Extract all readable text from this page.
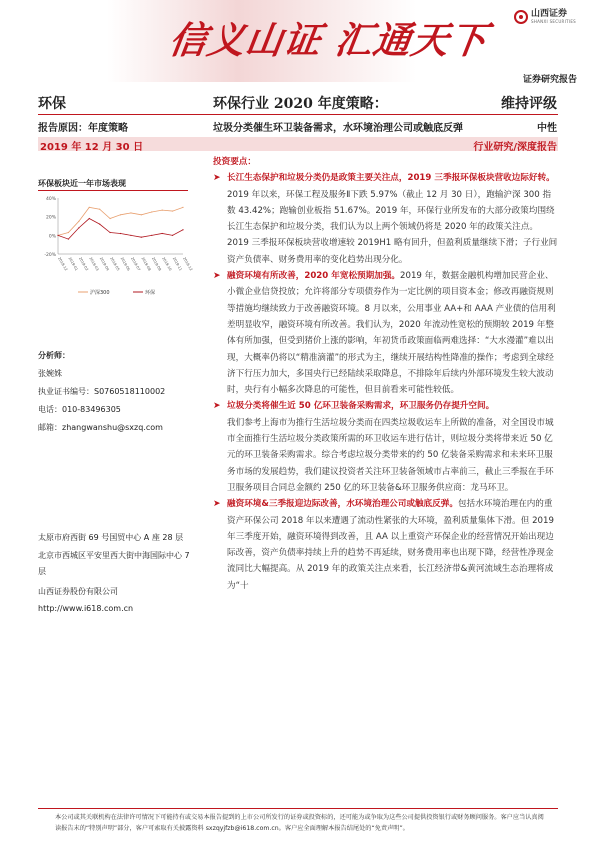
信义山证 汇通天下
山西证券
SHANXI SECURITIES
证券研究报告
环保	环保行业 2020 年度策略：	维持评级
报告原因：年度策略	垃圾分类催生环卫装备需求，水环境治理公司或触底反弹	中性
2019 年 12 月 30 日	行业研究/深度报告
环保板块近一年市场表现
-20%
0%
20%
40%
2018-12 2019-01 2019-02 2019-03 2019-04 2019-05 2019-06 2019-07 2019-08 2019-09 2019-10 2019-11 2019-12
沪深300	环保
分析师：
张婉姝
执业证书编号：S0760518110002
电话：010-83496305
邮箱：zhangwanshu@sxzq.com
太原市府西街 69 号国贸中心 A 座 28 层
北京市西城区平安里西大街中海国际中心 7 层
山西证券股份有限公司
http://www.i618.com.cn
投资要点：
➤ 长江生态保护和垃圾分类仍是政策主要关注点，2019 三季报环保板块营收边际好转。2019 年以来，环保工程及服务Ⅱ下跌 5.97%（截止 12 月 30 日），跑输沪深 300 指数 43.42%；跑输创业板指 51.67%。2019 年，环保行业所发布的大部分政策均围绕长江生态保护和垃圾分类，我们认为以上两个领域仍将是 2020 年的政策关注点。2019 三季报环保板块营收增速较 2019H1 略有回升，但盈利质量继续下滑；子行业间资产负债率、财务费用率的变化趋势出现分化。
➤ 融资环境有所改善，2020 年宽松预期加强。2019 年，数据金融机构增加民营企业、小微企业信贷投放；允许将部分专项债券作为一定比例的项目资本金；修改再融资规则等措施均继续致力于改善融资环境。8 月以来，公用事业 AA+和 AAA 产业债的信用利差明显收窄，融资环境有所改善。我们认为，2020 年流动性宽松的预期较 2019 年整体有所加强，但受到猪价上涨的影响，年初货币政策面临两难选择：“大水漫灌”难以出现，大概率仍将以“精准滴灌”的形式为主，继续开展结构性降准的操作；考虑到全球经济下行压力加大，多国央行已经陆续采取降息，不排除年后续内外部环境发生较大波动时，央行有小幅多次降息的可能性，但目前看来可能性较低。
➤ 垃圾分类将催生近 50 亿环卫装备采购需求，环卫服务仍存提升空间。
我们参考上海市为推行生活垃圾分类而在四类垃圾收运车上所做的准备，对全国设市城市全面推行生活垃圾分类政策所需的环卫收运车进行估计，则垃圾分类将带来近 50 亿元的环卫装备采购需求。综合考虑垃圾分类带来的约 50 亿装备采购需求和未来环卫服务市场的发展趋势，我们建议投资者关注环卫装备领域市占率前三，截止三季报在手环卫服务项目合同总金额约 250 亿的环卫装备&环卫服务供应商：龙马环卫。
➤ 融资环境&三季报迎边际改善，水环境治理公司或触底反弹。包括水环境治理在内的重资产环保公司 2018 年以来遭遇了流动性紧张的大环境，盈利质量集体下滑。但 2019 年三季度开始，融资环境得到改善，且 AA 以上重资产环保企业的经营情况开始出现边际改善，资产负债率持续上升的趋势不再延续，财务费用率也出现下降，经营性净现金流同比大幅提高。从 2019 年的政策关注点来看，长江经济带&黄河流域生态治理将成为“十
本公司或其关联机构在法律许可情况下可能持有或交易本报告提到的上市公司所发行的证券或投资标的，还可能为或争取为这些公司提供投资银行或财务顾问服务。客户应当认真阅读报告末的“特别声明”部分，客户可索取有关披露资料 sxzqyjfzb@i618.com.cn。客户应全面理解本报告结尾处的“免责声明”。
